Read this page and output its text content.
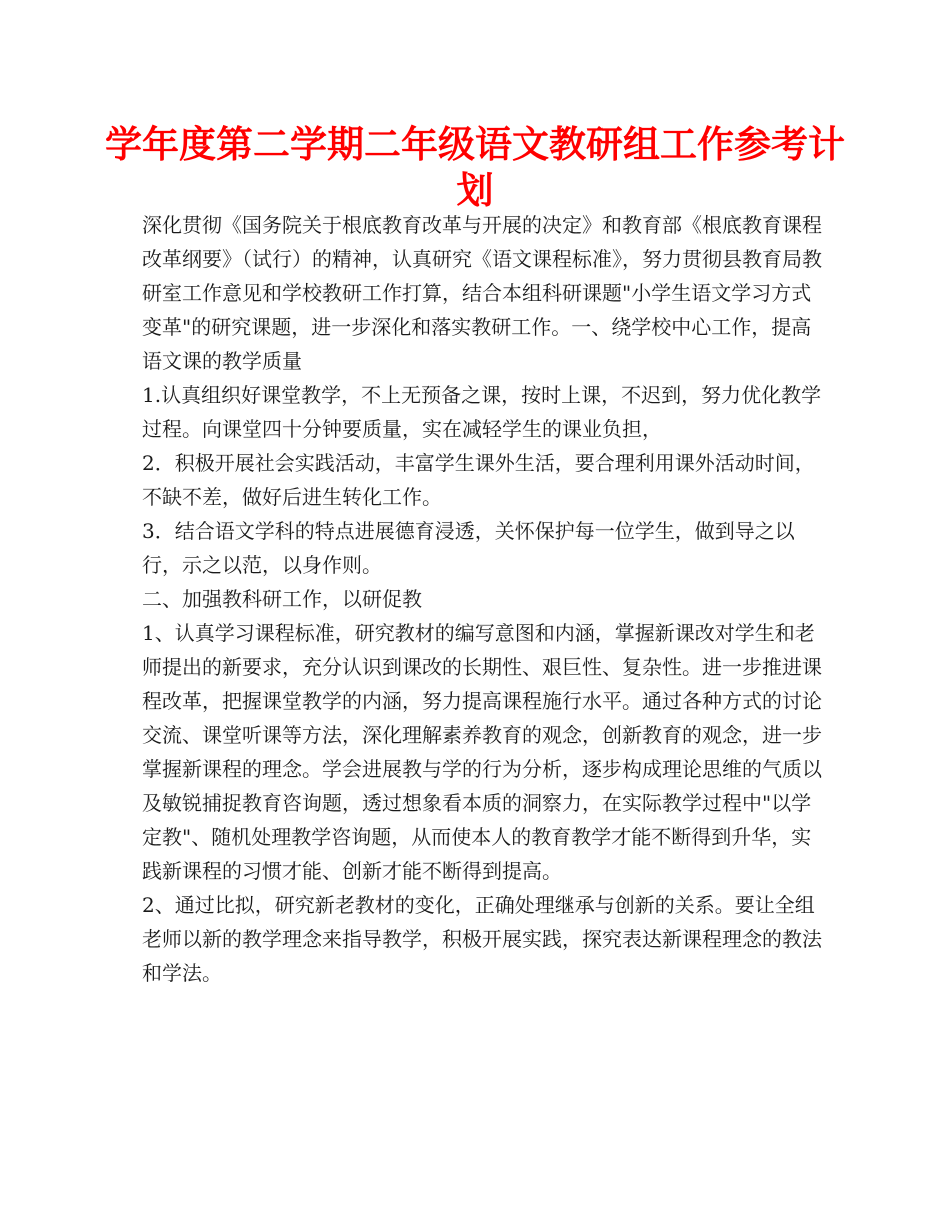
学年度第二学期二年级语文教研组工作参考计划

深化贯彻《国务院关于根底教育改革与开展的决定》和教育部《根底教育课程改革纲要》（试行）的精神，认真研究《语文课程标准》，努力贯彻县教育局教研室工作意见和学校教研工作打算，结合本组科研课题"小学生语文学习方式变革"的研究课题，进一步深化和落实教研工作。一、绕学校中心工作，提高语文课的教学质量

1.认真组织好课堂教学，不上无预备之课，按时上课，不迟到，努力优化教学过程。向课堂四十分钟要质量，实在减轻学生的课业负担，

2．积极开展社会实践活动，丰富学生课外生活，要合理利用课外活动时间，不缺不差，做好后进生转化工作。

3．结合语文学科的特点进展德育浸透，关怀保护每一位学生，做到导之以行，示之以范，以身作则。

二、加强教科研工作，以研促教

1、认真学习课程标准，研究教材的编写意图和内涵，掌握新课改对学生和老师提出的新要求，充分认识到课改的长期性、艰巨性、复杂性。进一步推进课程改革，把握课堂教学的内涵，努力提高课程施行水平。通过各种方式的讨论交流、课堂听课等方法，深化理解素养教育的观念，创新教育的观念，进一步掌握新课程的理念。学会进展教与学的行为分析，逐步构成理论思维的气质以及敏锐捕捉教育咨询题，透过想象看本质的洞察力，在实际教学过程中"以学定教"、随机处理教学咨询题，从而使本人的教育教学才能不断得到升华，实践新课程的习惯才能、创新才能不断得到提高。

2、通过比拟，研究新老教材的变化，正确处理继承与创新的关系。要让全组老师以新的教学理念来指导教学，积极开展实践，探究表达新课程理念的教法和学法。
